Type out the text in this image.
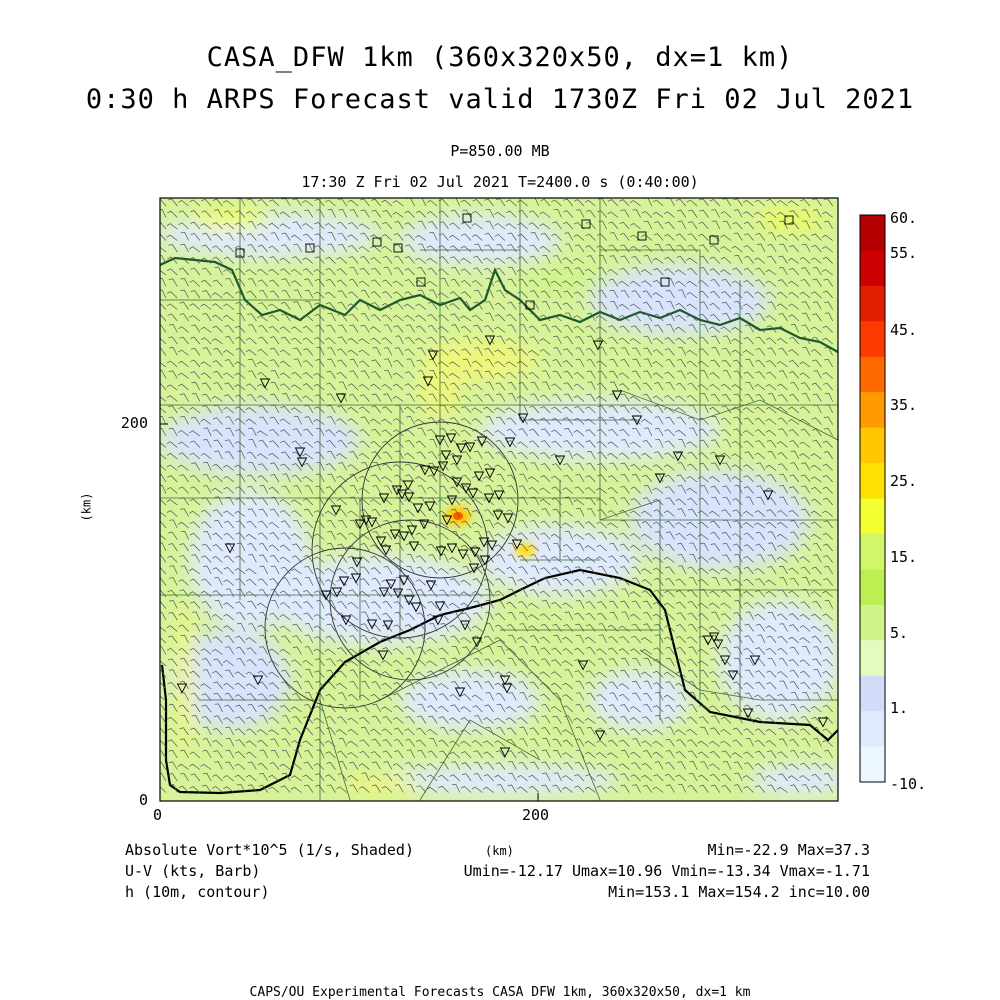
CASA_DFW 1km (360x320x50, dx=1 km)
0:30 h ARPS Forecast valid 1730Z Fri 02 Jul 2021
P=850.00 MB
17:30 Z Fri 02 Jul 2021 T=2400.0 s (0:40:00)
200
0
0	200
(km)
(km)
60.
55.
45.
35.
25.
15.
5.
1.
-10.
Absolute Vort*10^5 (1/s, Shaded)	Min=-22.9 Max=37.3
U-V (kts, Barb)	Umin=-12.17 Umax=10.96 Vmin=-13.34 Vmax=-1.71
h (10m, contour)	Min=153.1 Max=154.2 inc=10.00
CAPS/OU Experimental Forecasts CASA DFW 1km, 360x320x50, dx=1 km
